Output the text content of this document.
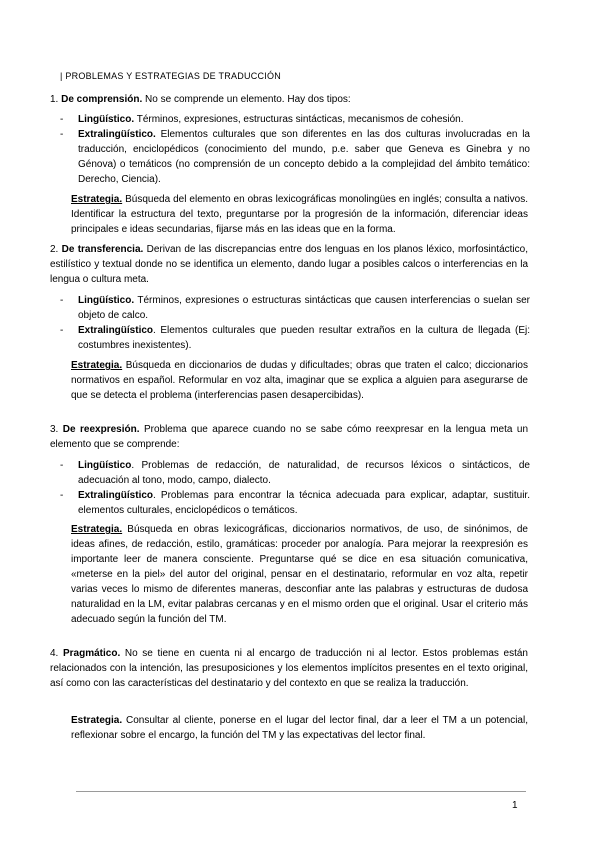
| PROBLEMAS Y ESTRATEGIAS DE TRADUCCIÓN
1. De comprensión. No se comprende un elemento. Hay dos tipos:
- Lingüístico. Términos, expresiones, estructuras sintácticas, mecanismos de cohesión.
- Extralingüístico. Elementos culturales que son diferentes en las dos culturas involucradas en la traducción, enciclopédicos (conocimiento del mundo, p.e. saber que Geneva es Ginebra y no Génova) o temáticos (no comprensión de un concepto debido a la complejidad del ámbito temático: Derecho, Ciencia).
Estrategia. Búsqueda del elemento en obras lexicográficas monolingües en inglés; consulta a nativos. Identificar la estructura del texto, preguntarse por la progresión de la información, diferenciar ideas principales e ideas secundarias, fijarse más en las ideas que en la forma.
2. De transferencia. Derivan de las discrepancias entre dos lenguas en los planos léxico, morfosintáctico, estilístico y textual donde no se identifica un elemento, dando lugar a posibles calcos o interferencias en la lengua o cultura meta.
- Lingüístico. Términos, expresiones o estructuras sintácticas que causen interferencias o suelan ser objeto de calco.
- Extralingüístico. Elementos culturales que pueden resultar extraños en la cultura de llegada (Ej: costumbres inexistentes).
Estrategia. Búsqueda en diccionarios de dudas y dificultades; obras que traten el calco; diccionarios normativos en español. Reformular en voz alta, imaginar que se explica a alguien para asegurarse de que se detecta el problema (interferencias pasen desapercibidas).
3. De reexpresión. Problema que aparece cuando no se sabe cómo reexpresar en la lengua meta un elemento que se comprende:
- Lingüístico. Problemas de redacción, de naturalidad, de recursos léxicos o sintácticos, de adecuación al tono, modo, campo, dialecto.
- Extralingüístico. Problemas para encontrar la técnica adecuada para explicar, adaptar, sustituir. elementos culturales, enciclopédicos o temáticos.
Estrategia. Búsqueda en obras lexicográficas, diccionarios normativos, de uso, de sinónimos, de ideas afines, de redacción, estilo, gramáticas: proceder por analogía. Para mejorar la reexpresión es importante leer de manera consciente. Preguntarse qué se dice en esa situación comunicativa, «meterse en la piel» del autor del original, pensar en el destinatario, reformular en voz alta, repetir varias veces lo mismo de diferentes maneras, desconfiar ante las palabras y estructuras de dudosa naturalidad en la LM, evitar palabras cercanas y en el mismo orden que el original. Usar el criterio más adecuado según la función del TM.
4. Pragmático. No se tiene en cuenta ni al encargo de traducción ni al lector. Estos problemas están relacionados con la intención, las presuposiciones y los elementos implícitos presentes en el texto original, así como con las características del destinatario y del contexto en que se realiza la traducción.
Estrategia. Consultar al cliente, ponerse en el lugar del lector final, dar a leer el TM a un potencial, reflexionar sobre el encargo, la función del TM y las expectativas del lector final.
1
